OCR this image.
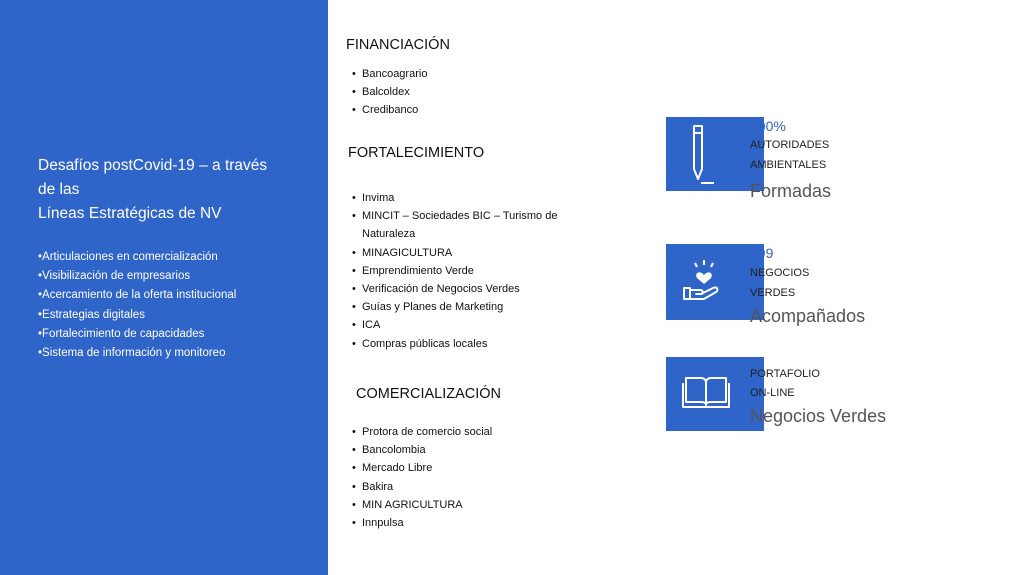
Desafíos postCovid-19 – a través
de las
Líneas Estratégicas de NV
•Articulaciones en comercialización
•Visibilización de empresarios
•Acercamiento de la oferta institucional
•Estrategias digitales
•Fortalecimiento de capacidades
•Sistema de información y monitoreo
FINANCIACIÓN
• Bancoagrario
• Balcoldex
• Credibanco
FORTALECIMIENTO
• Invima
• MINCIT – Sociedades BIC – Turismo de
Naturaleza
• MINAGICULTURA
• Emprendimiento Verde
• Verificación de Negocios Verdes
• Guías y Planes de Marketing
• ICA
• Compras públicas locales
COMERCIALIZACIÓN
• Protora de comercio social
• Bancolombia
• Mercado Libre
• Bakira
• MIN AGRICULTURA
• Innpulsa
100%
AUTORIDADES
AMBIENTALES
Formadas
799
NEGOCIOS
VERDES
Acompañados
PORTAFOLIO
ON-LINE
Negocios Verdes
